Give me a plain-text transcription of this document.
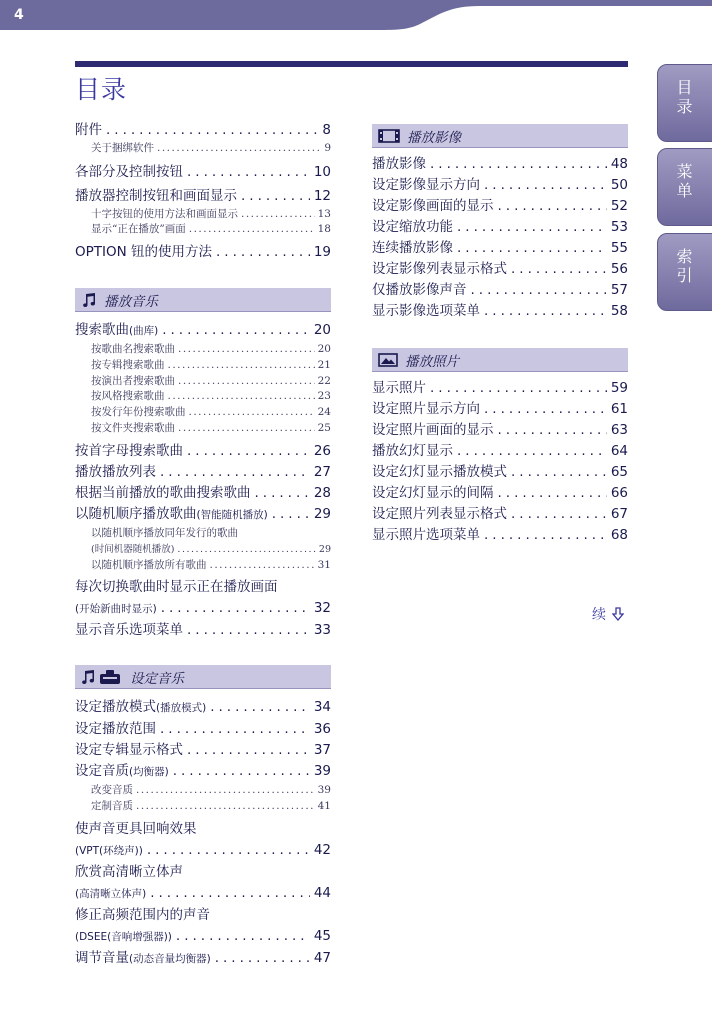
4
目录	目录
菜单
索引
附件 .....	8
关于捆绑软件 .....	9
各部分及控制按钮 .....	10
播放器控制按钮和画面显示 .....	12
十字按钮的使用方法和画面显示 .....	13
显示“正在播放”画面 .....	18
OPTION 钮的使用方法 .....	19
播放音乐
搜索歌曲(曲库) .....	20
按歌曲名搜索歌曲 .....	20
按专辑搜索歌曲 .....	21
按演出者搜索歌曲 .....	22
按风格搜索歌曲 .....	23
按发行年份搜索歌曲 .....	24
按文件夹搜索歌曲 .....	25
按首字母搜索歌曲 .....	26
播放播放列表 .....	27
根据当前播放的歌曲搜索歌曲 .....	28
以随机顺序播放歌曲(智能随机播放) .....	29
以随机顺序播放同年发行的歌曲
(时间机器随机播放) .....	29
以随机顺序播放所有歌曲 .....	31
每次切换歌曲时显示正在播放画面
(开始新曲时显示) .....	32
显示音乐选项菜单 .....	33
设定音乐
设定播放模式(播放模式) .....	34
设定播放范围 .....	36
设定专辑显示格式 .....	37
设定音质(均衡器) .....	39
改变音质 .....	39
定制音质 .....	41
使声音更具回响效果
(VPT(环绕声)) .....	42
欣赏高清晰立体声
(高清晰立体声) .....	44
修正高频范围内的声音
(DSEE(音响增强器)) .....	45
调节音量(动态音量均衡器) .....	47
播放影像
播放影像 .....	48
设定影像显示方向 .....	50
设定影像画面的显示 .....	52
设定缩放功能 .....	53
连续播放影像 .....	55
设定影像列表显示格式 .....	56
仅播放影像声音 .....	57
显示影像选项菜单 .....	58
播放照片
显示照片 .....	59
设定照片显示方向 .....	61
设定照片画面的显示 .....	63
播放幻灯显示 .....	64
设定幻灯显示播放模式 .....	65
设定幻灯显示的间隔 .....	66
设定照片列表显示格式 .....	67
显示照片选项菜单 .....	68
续
